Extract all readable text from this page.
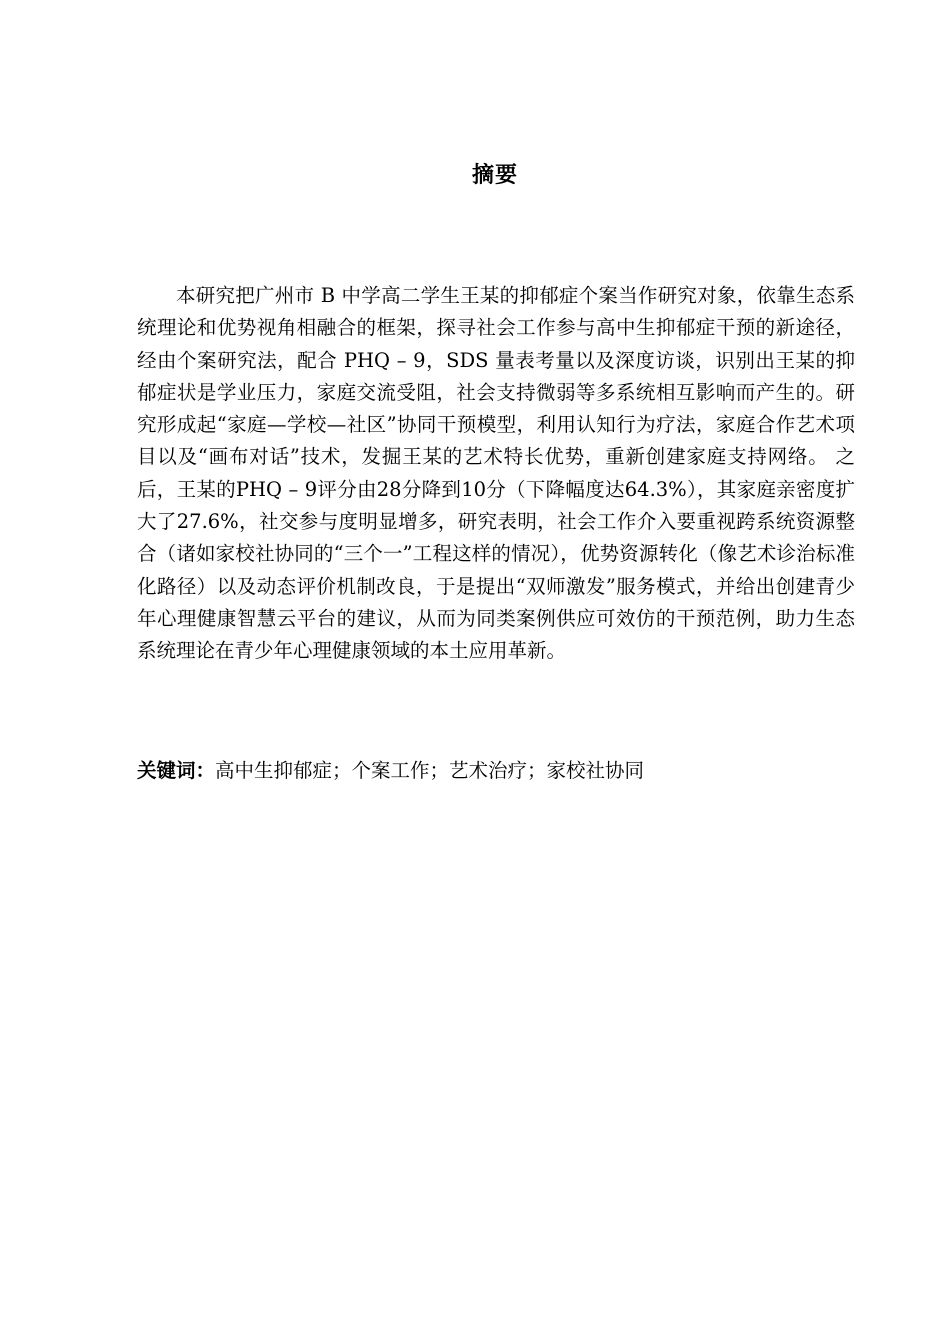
摘要

本研究把广州市 B 中学高二学生王某的抑郁症个案当作研究对象，依靠生态系统理论和优势视角相融合的框架，探寻社会工作参与高中生抑郁症干预的新途径，经由个案研究法，配合 PHQ – 9，SDS 量表考量以及深度访谈，识别出王某的抑郁症状是学业压力，家庭交流受阻，社会支持微弱等多系统相互影响而产生的。研究形成起“家庭—学校—社区”协同干预模型，利用认知行为疗法，家庭合作艺术项目以及“画布对话”技术，发掘王某的艺术特长优势，重新创建家庭支持网络。 之后，王某的PHQ – 9评分由28分降到10分（下降幅度达64.3%），其家庭亲密度扩大了27.6%，社交参与度明显增多，研究表明，社会工作介入要重视跨系统资源整合（诸如家校社协同的“三个一”工程这样的情况），优势资源转化（像艺术诊治标准化路径）以及动态评价机制改良，于是提出“双师激发”服务模式，并给出创建青少年心理健康智慧云平台的建议，从而为同类案例供应可效仿的干预范例，助力生态系统理论在青少年心理健康领域的本土应用革新。

关键词：高中生抑郁症；个案工作；艺术治疗；家校社协同
